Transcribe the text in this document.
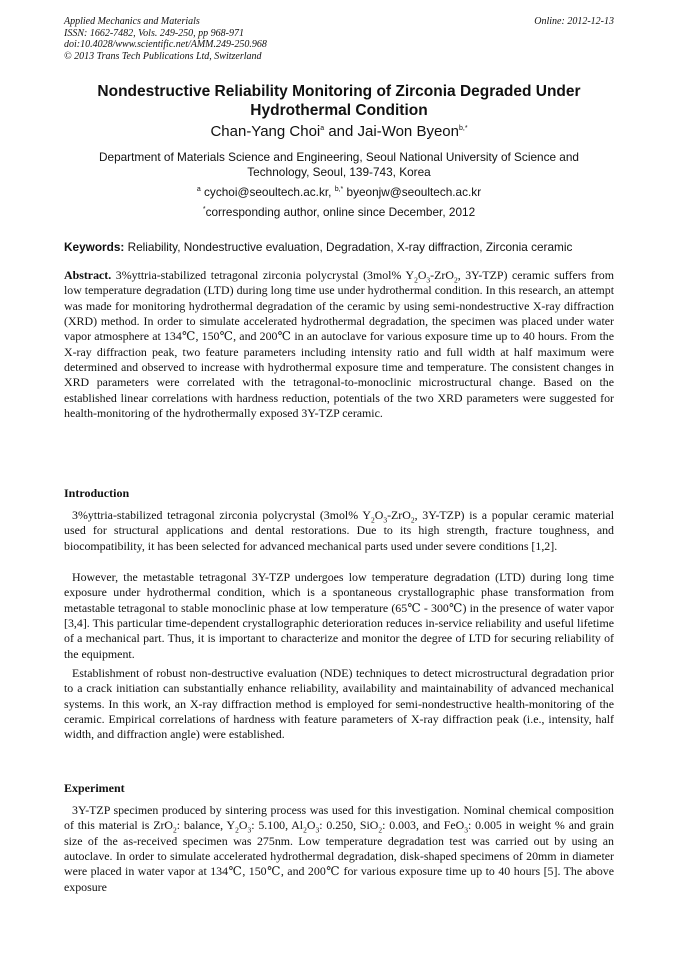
Applied Mechanics and Materials
ISSN: 1662-7482, Vols. 249-250, pp 968-971
doi:10.4028/www.scientific.net/AMM.249-250.968
© 2013 Trans Tech Publications Ltd, Switzerland
Online: 2012-12-13
Nondestructive Reliability Monitoring of Zirconia Degraded Under Hydrothermal Condition
Chan-Yang Choi$^a$ and Jai-Won Byeon$^{b,*}$
Department of Materials Science and Engineering, Seoul National University of Science and Technology, Seoul, 139-743, Korea
$^a$ cychoi@seoultech.ac.kr, $^{b,*}$ byeonjw@seoultech.ac.kr
*corresponding author, online since December, 2012
Keywords: Reliability, Nondestructive evaluation, Degradation, X-ray diffraction, Zirconia ceramic
Abstract. 3%yttria-stabilized tetragonal zirconia polycrystal (3mol% $Y_2O_3-ZrO_2$, 3Y-TZP) ceramic suffers from low temperature degradation (LTD) during long time use under hydrothermal condition. In this research, an attempt was made for monitoring hydrothermal degradation of the ceramic by using semi-nondestructive X-ray diffraction (XRD) method. In order to simulate accelerated hydrothermal degradation, the specimen was placed under water vapor atmosphere at 134℃, 150℃, and 200℃ in an autoclave for various exposure time up to 40 hours. From the X-ray diffraction peak, two feature parameters including intensity ratio and full width at half maximum were determined and observed to increase with hydrothermal exposure time and temperature. The consistent changes in XRD parameters were correlated with the tetragonal-to-monoclinic microstructural change. Based on the established linear correlations with hardness reduction, potentials of the two XRD parameters were suggested for health-monitoring of the hydrothermally exposed 3Y-TZP ceramic.
Introduction
3%yttria-stabilized tetragonal zirconia polycrystal (3mol% $Y_2O_3-ZrO_2$, 3Y-TZP) is a popular ceramic material used for structural applications and dental restorations. Due to its high strength, fracture toughness, and biocompatibility, it has been selected for advanced mechanical parts used under severe conditions [1,2].
However, the metastable tetragonal 3Y-TZP undergoes low temperature degradation (LTD) during long time exposure under hydrothermal condition, which is a spontaneous crystallographic phase transformation from metastable tetragonal to stable monoclinic phase at low temperature (65℃ - 300℃) in the presence of water vapor [3,4]. This particular time-dependent crystallographic deterioration reduces in-service reliability and useful lifetime of a mechanical part. Thus, it is important to characterize and monitor the degree of LTD for securing reliability of the equipment.
Establishment of robust non-destructive evaluation (NDE) techniques to detect microstructural degradation prior to a crack initiation can substantially enhance reliability, availability and maintainability of advanced mechanical systems. In this work, an X-ray diffraction method is employed for semi-nondestructive health-monitoring of the ceramic. Empirical correlations of hardness with feature parameters of X-ray diffraction peak (i.e., intensity, half width, and diffraction angle) were established.
Experiment
3Y-TZP specimen produced by sintering process was used for this investigation. Nominal chemical composition of this material is ZrO$_2$: balance, $Y_2O_3$: 5.100, $Al_2O_3$: 0.250, SiO$_2$: 0.003, and FeO$_3$: 0.005 in weight % and grain size of the as-received specimen was 275nm. Low temperature degradation test was carried out by using an autoclave. In order to simulate accelerated hydrothermal degradation, disk-shaped specimens of 20mm in diameter were placed in water vapor at 134℃, 150℃, and 200℃ for various exposure time up to 40 hours [5]. The above exposure
